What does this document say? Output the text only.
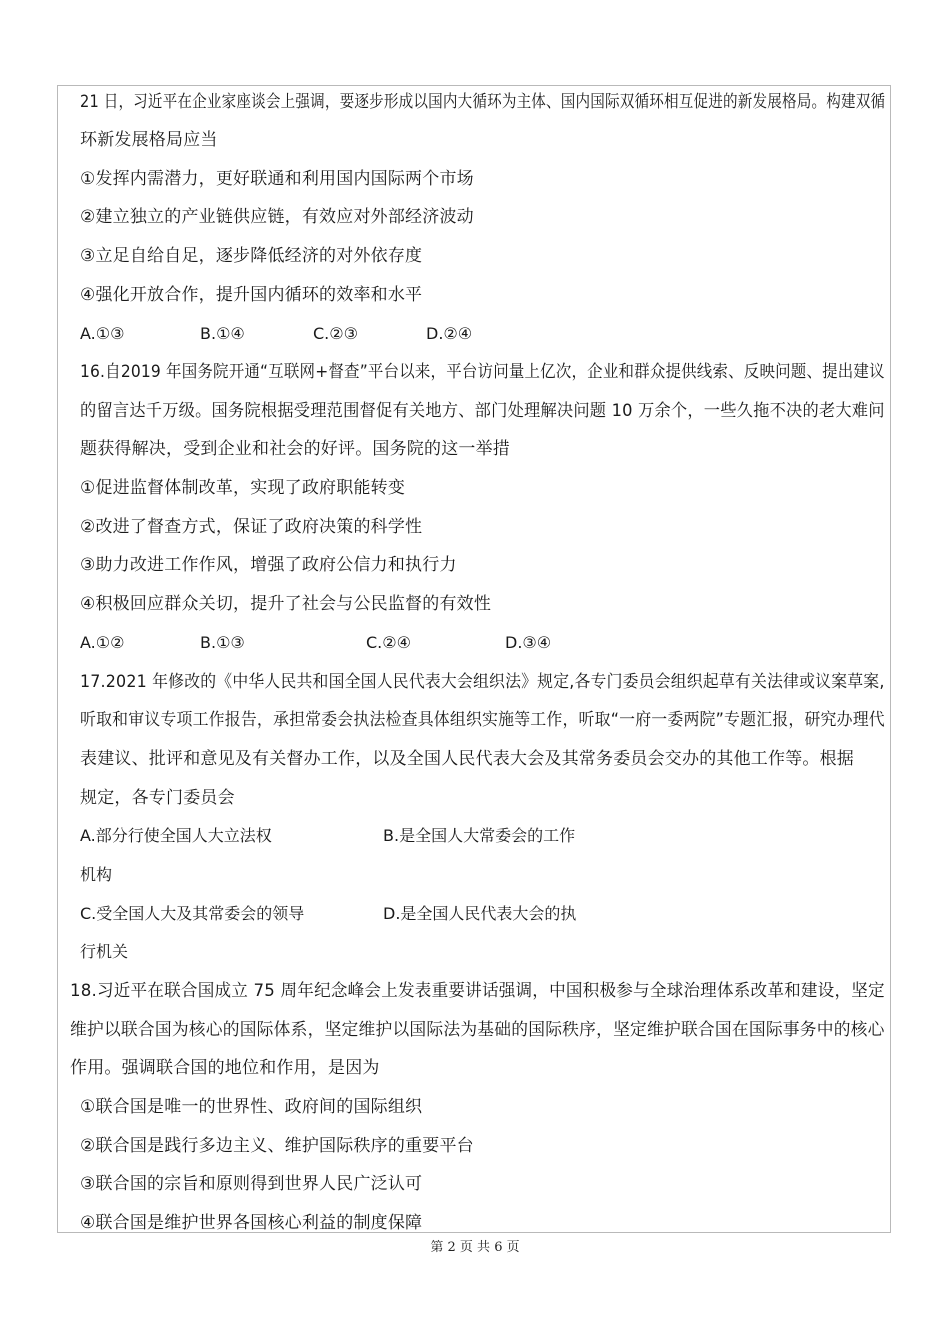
21 日，习近平在企业家座谈会上强调，要逐步形成以国内大循环为主体、国内国际双循环相互促进的新发展格局。构建双循
环新发展格局应当
①发挥内需潜力，更好联通和利用国内国际两个市场
②建立独立的产业链供应链，有效应对外部经济波动
③立足自给自足，逐步降低经济的对外依存度
④强化开放合作，提升国内循环的效率和水平
A.①③	B.①④	C.②③	D.②④
16.自2019 年国务院开通“互联网+督查”平台以来，平台访问量上亿次，企业和群众提供线索、反映问题、提出建议
的留言达千万级。国务院根据受理范围督促有关地方、部门处理解决问题 10 万余个，一些久拖不决的老大难问
题获得解决，受到企业和社会的好评。国务院的这一举措
①促进监督体制改革，实现了政府职能转变
②改进了督查方式，保证了政府决策的科学性
③助力改进工作作风，增强了政府公信力和执行力
④积极回应群众关切，提升了社会与公民监督的有效性
A.①②	B.①③	C.②④	D.③④
17.2021 年修改的《中华人民共和国全国人民代表大会组织法》规定,各专门委员会组织起草有关法律或议案草案,
听取和审议专项工作报告，承担常委会执法检查具体组织实施等工作，听取“一府一委两院”专题汇报，研究办理代
表建议、批评和意见及有关督办工作，以及全国人民代表大会及其常务委员会交办的其他工作等。根据
规定，各专门委员会
A.部分行使全国人大立法权	B.是全国人大常委会的工作
机构
C.受全国人大及其常委会的领导	D.是全国人民代表大会的执
行机关
18.习近平在联合国成立 75 周年纪念峰会上发表重要讲话强调，中国积极参与全球治理体系改革和建设，坚定
维护以联合国为核心的国际体系，坚定维护以国际法为基础的国际秩序，坚定维护联合国在国际事务中的核心
作用。强调联合国的地位和作用，是因为
①联合国是唯一的世界性、政府间的国际组织
②联合国是践行多边主义、维护国际秩序的重要平台
③联合国的宗旨和原则得到世界人民广泛认可
④联合国是维护世界各国核心利益的制度保障
第 2 页 共 6 页
